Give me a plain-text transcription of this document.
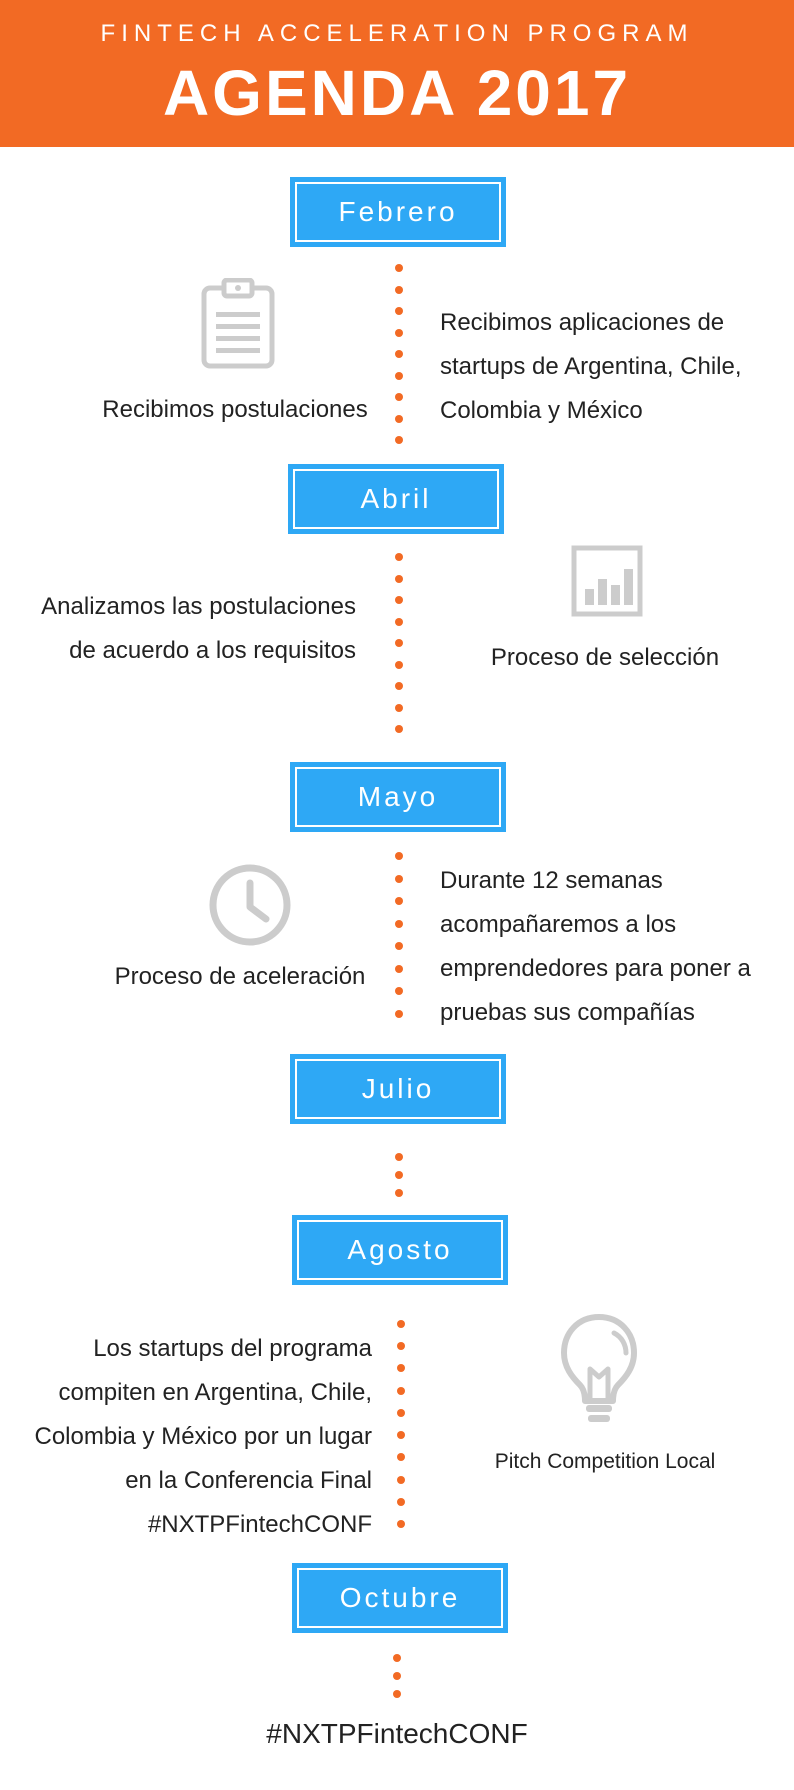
FINTECH ACCELERATION PROGRAM
AGENDA 2017
Febrero
Recibimos postulaciones
Recibimos aplicaciones de
startups de Argentina, Chile,
Colombia y México
Abril
Analizamos las postulaciones
de acuerdo a los requisitos	Proceso de selección
Mayo
Proceso de aceleración
Durante 12 semanas
acompañaremos a los
emprendedores para poner a
pruebas sus compañías
Julio
Agosto
Los startups del programa
compiten en Argentina, Chile,
Colombia y México por un lugar
en la Conferencia Final
#NXTPFintechCONF
Pitch Competition Local
Octubre
#NXTPFintechCONF
